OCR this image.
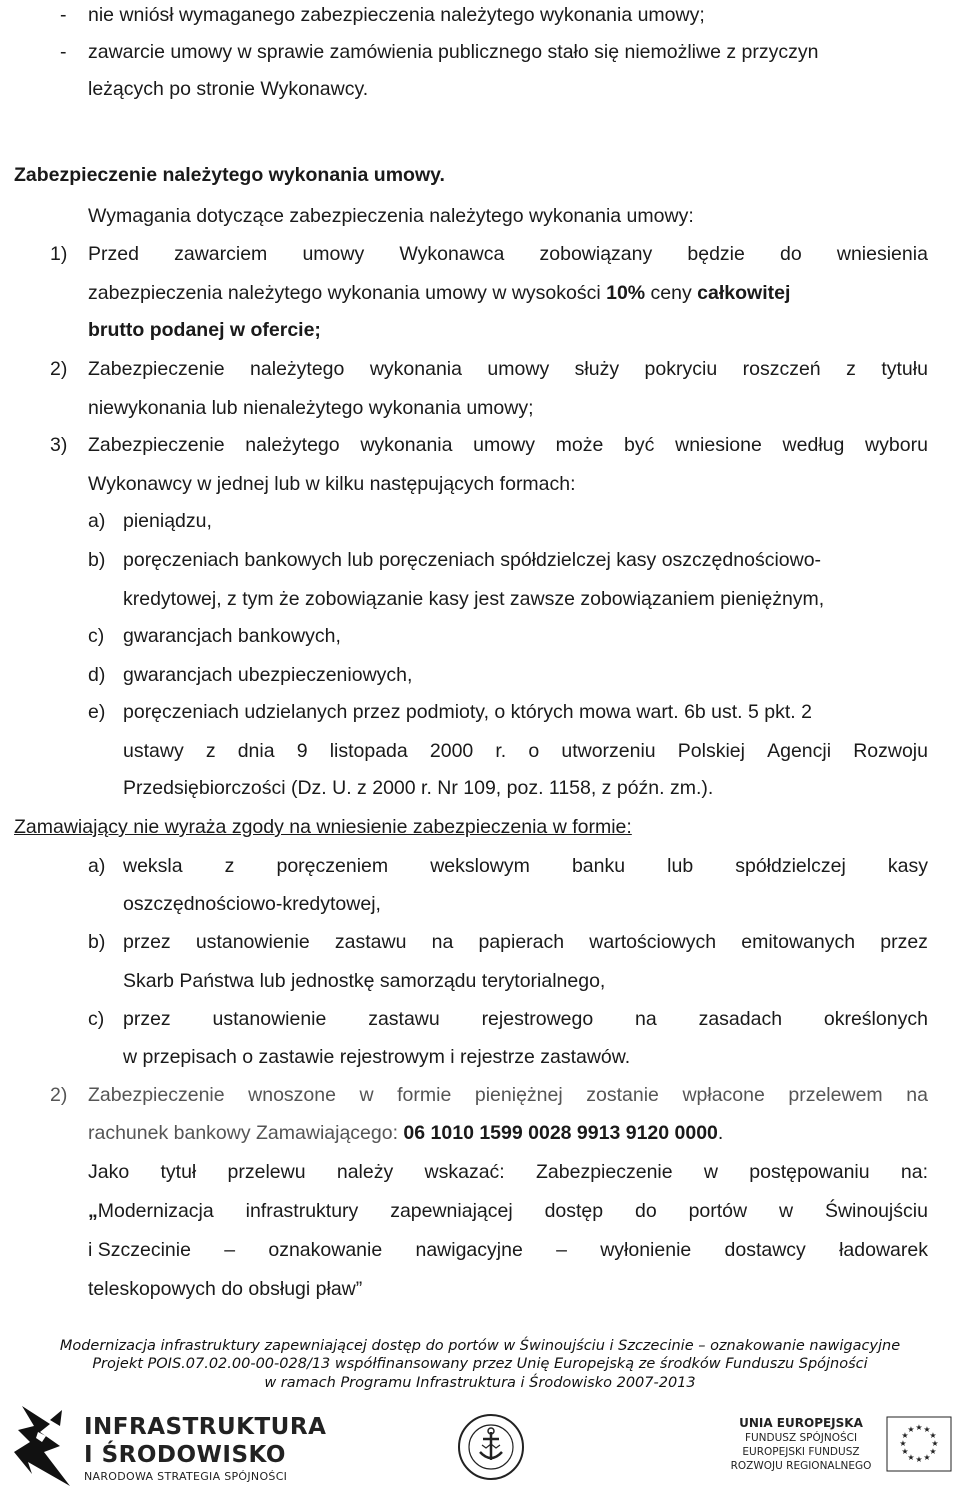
- nie wniósł wymaganego zabezpieczenia należytego wykonania umowy;
- zawarcie umowy w sprawie zamówienia publicznego stało się niemożliwe z przyczyn
leżących po stronie Wykonawcy.
Zabezpieczenie należytego wykonania umowy.
Wymagania dotyczące zabezpieczenia należytego wykonania umowy:
1) Przed zawarciem umowy Wykonawca zobowiązany będzie do wniesienia
zabezpieczenia należytego wykonania umowy w wysokości 10% ceny całkowitej
brutto podanej w ofercie;
2) Zabezpieczenie należytego wykonania umowy służy pokryciu roszczeń z tytułu
niewykonania lub nienależytego wykonania umowy;
3) Zabezpieczenie należytego wykonania umowy może być wniesione według wyboru
Wykonawcy w jednej lub w kilku następujących formach:
a) pieniądzu,
b) poręczeniach bankowych lub poręczeniach spółdzielczej kasy oszczędnościowo-
kredytowej, z tym że zobowiązanie kasy jest zawsze zobowiązaniem pieniężnym,
c) gwarancjach bankowych,
d) gwarancjach ubezpieczeniowych,
e) poręczeniach udzielanych przez podmioty, o których mowa wart. 6b ust. 5 pkt. 2
ustawy z dnia 9 listopada 2000 r. o utworzeniu Polskiej Agencji Rozwoju
Przedsiębiorczości (Dz. U. z 2000 r. Nr 109, poz. 1158, z późn. zm.).
Zamawiający nie wyraża zgody na wniesienie zabezpieczenia w formie:
a) weksla z poręczeniem wekslowym banku lub spółdzielczej kasy
oszczędnościowo-kredytowej,
b) przez ustanowienie zastawu na papierach wartościowych emitowanych przez
Skarb Państwa lub jednostkę samorządu terytorialnego,
c) przez ustanowienie zastawu rejestrowego na zasadach określonych
w przepisach o zastawie rejestrowym i rejestrze zastawów.
2) Zabezpieczenie wnoszone w formie pieniężnej zostanie wpłacone przelewem na
rachunek bankowy Zamawiającego: 06 1010 1599 0028 9913 9120 0000.
Jako tytuł przelewu należy wskazać: Zabezpieczenie w postępowaniu na:
„Modernizacja infrastruktury zapewniającej dostęp do portów w Świnoujściu
i Szczecinie – oznakowanie nawigacyjne – wyłonienie dostawcy ładowarek
teleskopowych do obsługi pław”
Modernizacja infrastruktury zapewniającej dostęp do portów w Świnoujściu i Szczecinie – oznakowanie nawigacyjne
Projekt POIS.07.02.00-00-028/13 współfinansowany przez Unię Europejską ze środków Funduszu Spójności
w ramach Programu Infrastruktura i Środowisko 2007-2013
INFRASTRUKTURA
I ŚRODOWISKO
NARODOWA STRATEGIA SPÓJNOŚCI
UNIA EUROPEJSKA
FUNDUSZ SPÓJNOŚCI
EUROPEJSKI FUNDUSZ
ROZWOJU REGIONALNEGO
★ ★
★
★
★
★
★
★
★
★
★
★
